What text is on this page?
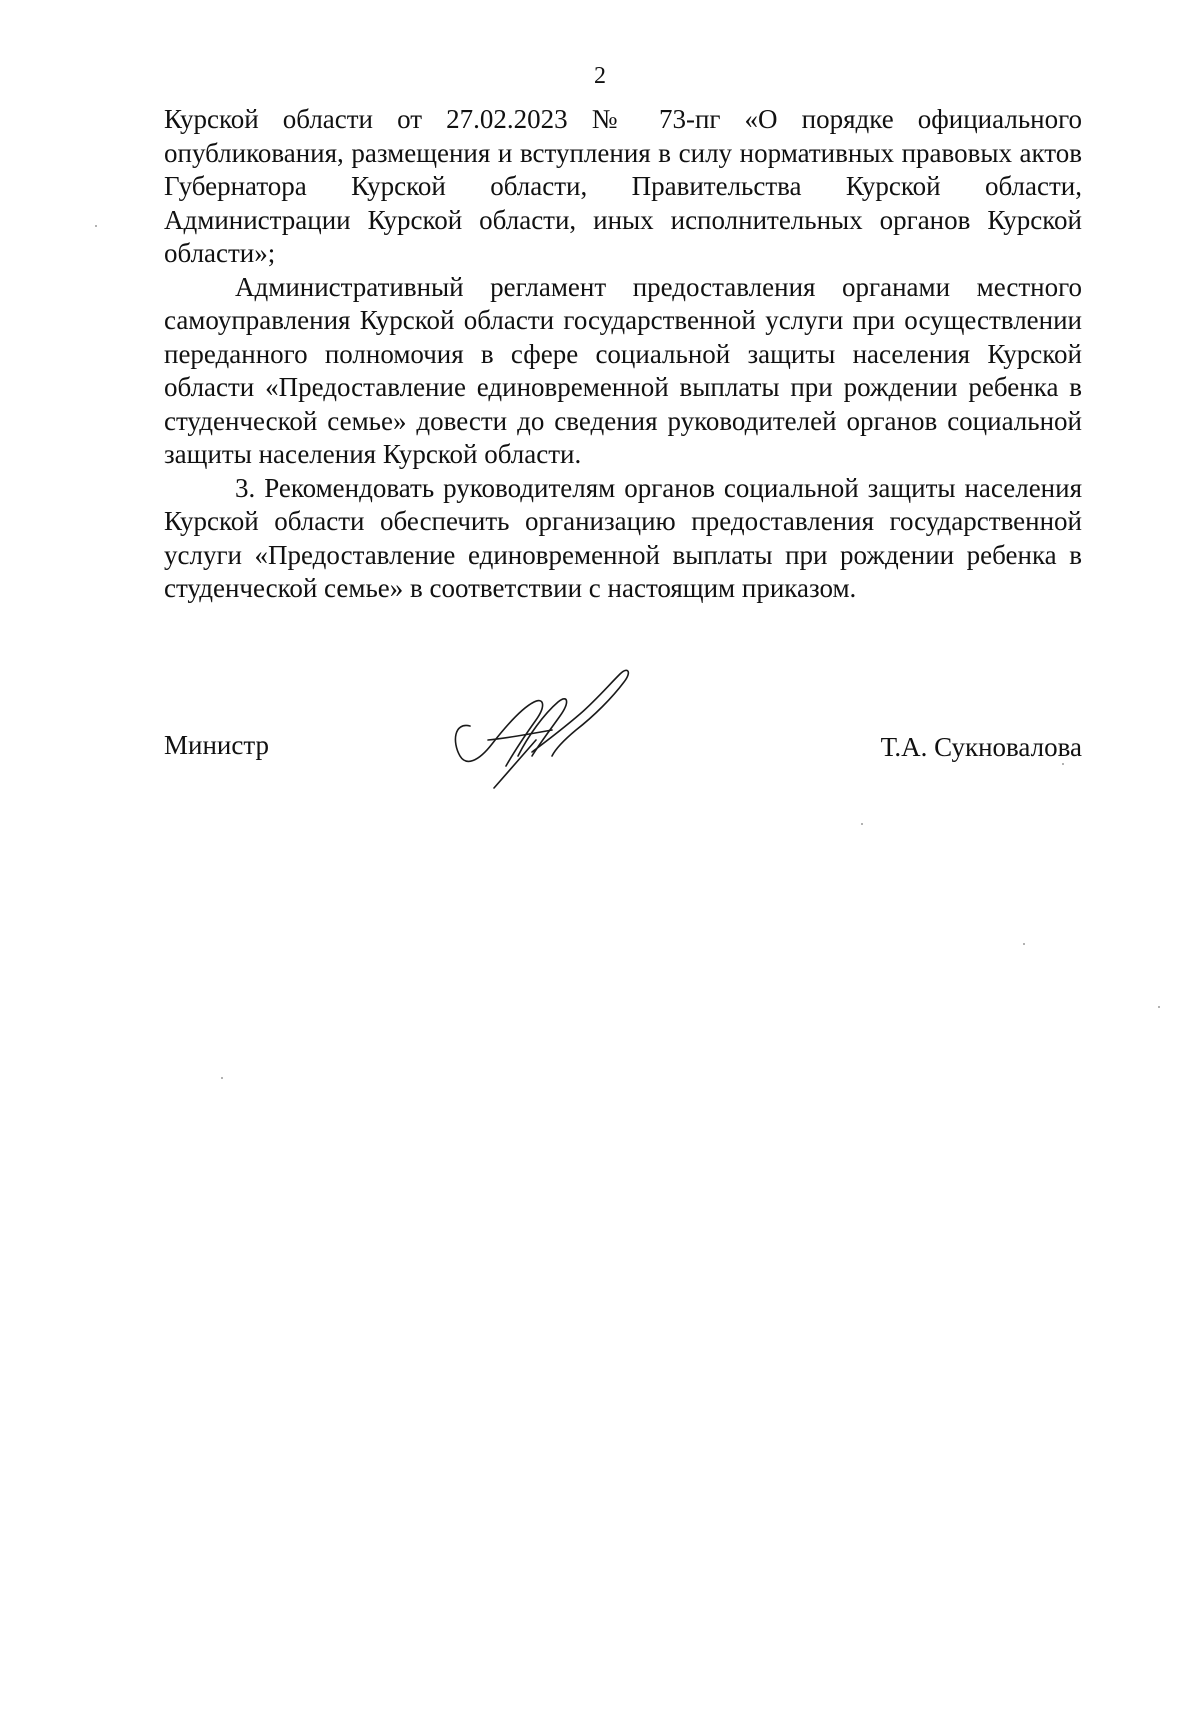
2

Курской области от 27.02.2023 № 73-пг «О порядке официального опубликования, размещения и вступления в силу нормативных правовых актов Губернатора Курской области, Правительства Курской области, Администрации Курской области, иных исполнительных органов Курской области»;

Административный регламент предоставления органами местного самоуправления Курской области государственной услуги при осуществлении переданного полномочия в сфере социальной защиты населения Курской области «Предоставление единовременной выплаты при рождении ребенка в студенческой семье» довести до сведения руководителей органов социальной защиты населения Курской области.

3. Рекомендовать руководителям органов социальной защиты населения Курской области обеспечить организацию предоставления государственной услуги «Предоставление единовременной выплаты при рождении ребенка в студенческой семье» в соответствии с настоящим приказом.

Министр	Т.А. Сукновалова
